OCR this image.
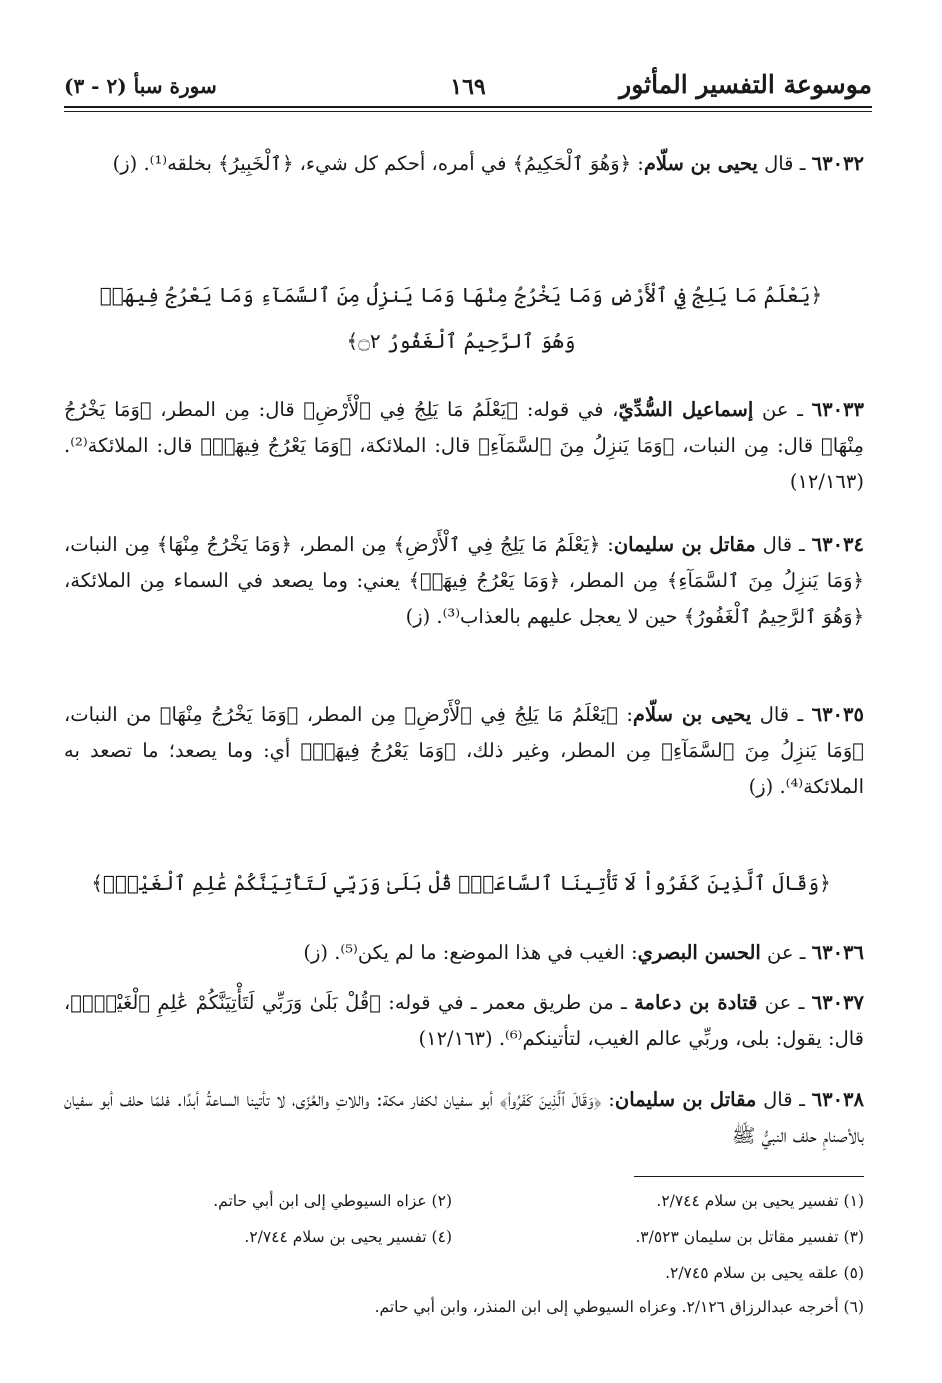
موسوعة التفسير المأثور
١٦٩
سورة سبأ (٢ - ٣)
٦٣٠٣٢ ـ قال يحيى بن سلّام: ﴿وَهُوَ ٱلْحَكِيمُ﴾ في أمره، أحكم كل شيء، ﴿ٱلْخَبِيرُ﴾ بخلقه⁽¹⁾. (ز)
﴿يَعْلَمُ مَا يَلِجُ فِي ٱلْأَرْضِ وَمَا يَخْرُجُ مِنْهَا وَمَا يَنزِلُ مِنَ ٱلسَّمَآءِ وَمَا يَعْرُجُ فِيهَاۚ وَهُوَ ٱلرَّحِيمُ ٱلْغَفُورُ ۝٢﴾
٦٣٠٣٣ ـ عن إسماعيل السُّدِّيّ، في قوله: ﴿يَعْلَمُ مَا يَلِجُ فِي ٱلْأَرْضِ﴾ قال: مِن المطر، ﴿وَمَا يَخْرُجُ مِنْهَا﴾ قال: مِن النبات، ﴿وَمَا يَنزِلُ مِنَ ٱلسَّمَآءِ﴾ قال: الملائكة، ﴿وَمَا يَعْرُجُ فِيهَاۚ﴾ قال: الملائكة⁽²⁾. (١٢/١٦٣)
٦٣٠٣٤ ـ قال مقاتل بن سليمان: ﴿يَعْلَمُ مَا يَلِجُ فِي ٱلْأَرْضِ﴾ مِن المطر، ﴿وَمَا يَخْرُجُ مِنْهَا﴾ مِن النبات، ﴿وَمَا يَنزِلُ مِنَ ٱلسَّمَآءِ﴾ مِن المطر، ﴿وَمَا يَعْرُجُ فِيهَاۚ﴾ يعني: وما يصعد في السماء مِن الملائكة، ﴿وَهُوَ ٱلرَّحِيمُ ٱلْغَفُورُ﴾ حين لا يعجل عليهم بالعذاب⁽³⁾. (ز)
٦٣٠٣٥ ـ قال يحيى بن سلّام: ﴿يَعْلَمُ مَا يَلِجُ فِي ٱلْأَرْضِ﴾ مِن المطر، ﴿وَمَا يَخْرُجُ مِنْهَا﴾ من النبات، ﴿وَمَا يَنزِلُ مِنَ ٱلسَّمَآءِ﴾ مِن المطر، وغير ذلك، ﴿وَمَا يَعْرُجُ فِيهَاۚ﴾ أي: وما يصعد؛ ما تصعد به الملائكة⁽⁴⁾. (ز)
﴿وَقَالَ ٱلَّذِينَ كَفَرُواْ لَا تَأْتِينَا ٱلسَّاعَةُۖ قُلْ بَلَىٰ وَرَبِّي لَتَأْتِيَنَّكُمْ عَٰلِمِ ٱلْغَيْبِۖ﴾
٦٣٠٣٦ ـ عن الحسن البصري: الغيب في هذا الموضع: ما لم يكن⁽⁵⁾. (ز)
٦٣٠٣٧ ـ عن قتادة بن دعامة ـ من طريق معمر ـ في قوله: ﴿قُلْ بَلَىٰ وَرَبِّي لَتَأْتِيَنَّكُمْ عَٰلِمِ ٱلْغَيْبِۖ﴾، قال: يقول: بلى، وربِّي عالم الغيب، لتأتينكم⁽⁶⁾. (١٢/١٦٣)
٦٣٠٣٨ ـ قال مقاتل بن سليمان: ﴿وَقَالَ ٱلَّذِينَ كَفَرُواْ﴾ أبو سفيان لكفار مكة: واللاتِ والعُزّى، لا تأتينا الساعةُ أبدًا. فلمّا حلف أبو سفيان بالأصنامِ حلف النبيُّ ﷺ
(١) تفسير يحيى بن سلام ٢/٧٤٤.
(٢) عزاه السيوطي إلى ابن أبي حاتم.
(٣) تفسير مقاتل بن سليمان ٣/٥٢٣.
(٤) تفسير يحيى بن سلام ٢/٧٤٤.
(٥) علقه يحيى بن سلام ٢/٧٤٥.
(٦) أخرجه عبدالرزاق ٢/١٢٦. وعزاه السيوطي إلى ابن المنذر، وابن أبي حاتم.
